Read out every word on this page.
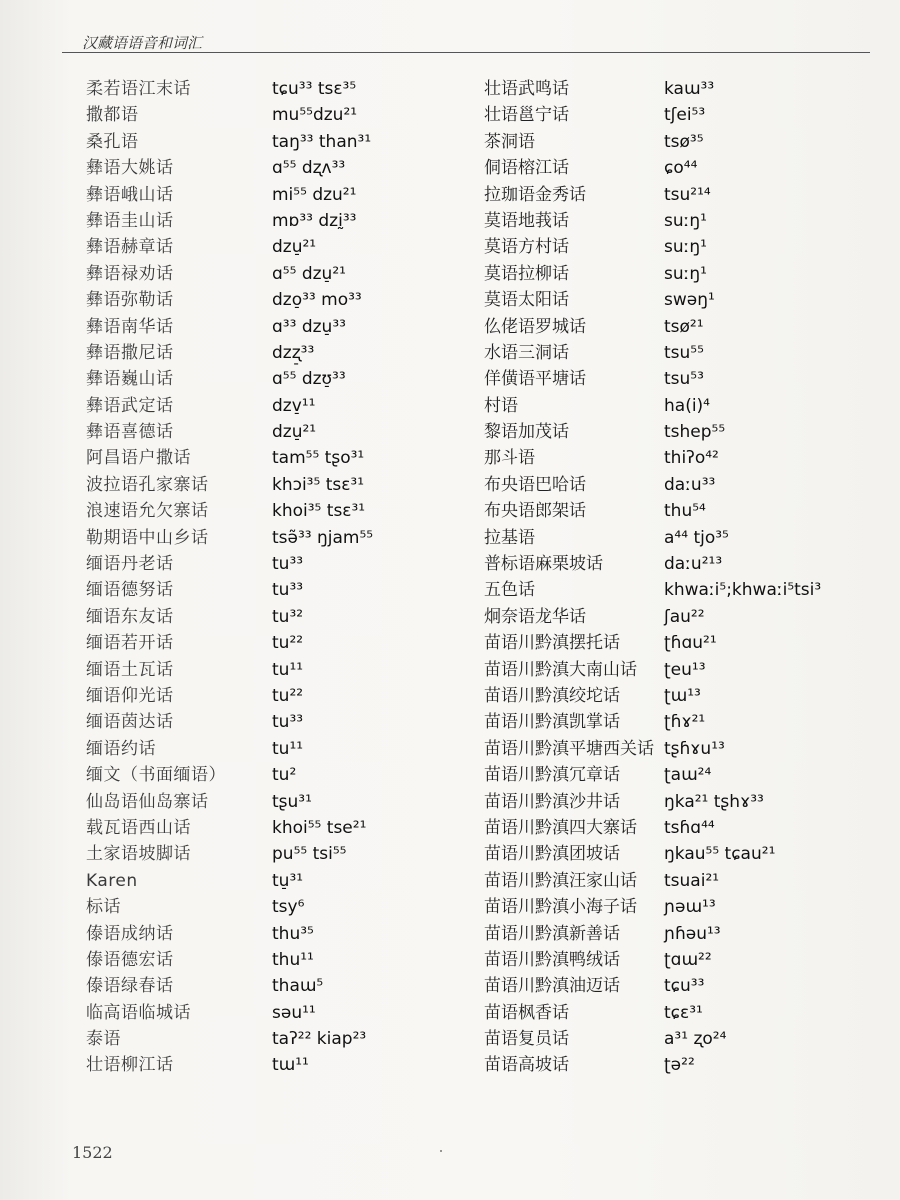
汉藏语语音和词汇
柔若语江末话	tɕu³³ tsɛ³⁵
撒都语	mu⁵⁵dzu²¹
桑孔语	taŋ³³ than³¹
彝语大姚话	ɑ⁵⁵ dʐʌ³³
彝语峨山话	mi⁵⁵ dzu²¹
彝语圭山话	mɒ³³ dzḭ³³
彝语赫章话	dzu̠²¹
彝语禄劝话	ɑ⁵⁵ dzu̠²¹
彝语弥勒话	dzo̠³³ mo³³
彝语南华话	ɑ³³ dzu̠³³
彝语撒尼话	dzʐ̠³³
彝语巍山话	ɑ⁵⁵ dzʊ̠³³
彝语武定话	dzv̠¹¹
彝语喜德话	dzu̠²¹
阿昌语户撒话	tam⁵⁵ tʂo³¹
波拉语孔家寨话	khɔi³⁵ tsɛ³¹
浪速语允欠寨话	khoi³⁵ tsɛ³¹
勒期语中山乡话	tsə̃³³ ŋjam⁵⁵
缅语丹老话	tu³³
缅语德努话	tu³³
缅语东友话	tu³²
缅语若开话	tu²²
缅语土瓦话	tu¹¹
缅语仰光话	tu²²
缅语茵达话	tu³³
缅语约话	tu¹¹
缅文（书面缅语）	tu²
仙岛语仙岛寨话	tʂu³¹
载瓦语西山话	khoi⁵⁵ tse²¹
土家语坡脚话	pu⁵⁵ tsi⁵⁵
Karen	tu̠³¹
标话	tsy⁶
傣语成纳话	thu³⁵
傣语德宏话	thu¹¹
傣语绿春话	thaɯ⁵
临高语临城话	səu¹¹
泰语	taʔ²² kiap²³
壮语柳江话	tɯ¹¹
壮语武鸣话	kaɯ³³
壮语邕宁话	tʃei⁵³
茶洞语	tsø³⁵
侗语榕江话	ɕo⁴⁴
拉珈语金秀话	tsu²¹⁴
莫语地莪话	suːŋ¹
莫语方村话	suːŋ¹
莫语拉柳话	suːŋ¹
莫语太阳话	swəŋ¹
仫佬语罗城话	tsø²¹
水语三洞话	tsu⁵⁵
佯僙语平塘话	tsu⁵³
村语	ha(i)⁴
黎语加茂话	tshep⁵⁵
那斗语	thiʔo⁴²
布央语巴哈话	daːu³³
布央语郎架话	thu⁵⁴
拉基语	a⁴⁴ tjo³⁵
普标语麻栗坡话	daːu²¹³
五色话	khwaːi⁵;khwaːi⁵tsi³
炯奈语龙华话	ʃau²²
苗语川黔滇摆托话	ʈɦɑu²¹
苗语川黔滇大南山话 ʈeu¹³
苗语川黔滇绞坨话	ʈɯ¹³
苗语川黔滇凯掌话	ʈɦɤ²¹
苗语川黔滇平塘西关话 tʂɦɤu¹³
苗语川黔滇冗章话	ʈaɯ²⁴
苗语川黔滇沙井话	ŋka²¹ tʂhɤ³³
苗语川黔滇四大寨话 tsɦɑ⁴⁴
苗语川黔滇团坡话	ŋkau⁵⁵ tɕau²¹
苗语川黔滇汪家山话 tsuai²¹
苗语川黔滇小海子话 ɲəɯ¹³
苗语川黔滇新善话	ɲɦəu¹³
苗语川黔滇鸭绒话	ʈɑɯ²²
苗语川黔滇油迈话	tɕu³³
苗语枫香话	tɕɛ³¹
苗语复员话	a³¹ ʐo²⁴
苗语高坡话	ʈə²²
1522
